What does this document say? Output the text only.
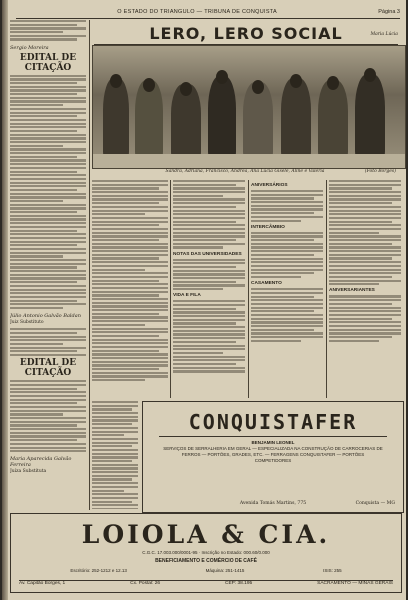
O ESTADO DO TRIANGULO — TRIBUNA DE CONQUISTA	Página 3
Sergio Moreira
EDITAL DE CITAÇÃO
Júlio Antonio Galvão Baldan
Juiz Substituto
EDITAL DE CITAÇÃO
Maria Aparecida Galvão Ferreira
Juíza Substituta
LERO, LERO SOCIAL	Maria Lúcia
Sandra, Adriana, Francisco, Andrea, Ana Lúcia Gisele, Aline e Valéria	(Foto Borges)
NOTAS DAS UNIVERSIDADES
VIDA E FILA
ANIVERSÁRIOS
INTERCÂMBIO
CASAMENTO
ANIVERSARIANTES
CONQUISTAFER
BENJAMIN LEONEL
SERVIÇOS DE SERRALHERIA EM GERAL — ESPECIALIZADA NA CONSTRUÇÃO DE CARROCERIAS DE FERROS — PORTÕES, GRADES, ETC. — FERRAGENS CONQUISTAFER — PORTÕES COMPETIDORES
Avenida Tomás Martins, 775	Conquista — MG
LOIOLA & CIA.
C.G.C. 17.003.000/0001-95 · Inscrição no Estado: 000.60/0.000
BENEFICIAMENTO E COMÉRCIO DE CAFÉ
Escritório: 252-1212 e 12.13	Máquina: 251-1415	ISIS: 255
Av. Capitão Borges, 1	Cx. Postal: 26	CEP: 38.195	SACRAMENTO — MINAS GERAIS
